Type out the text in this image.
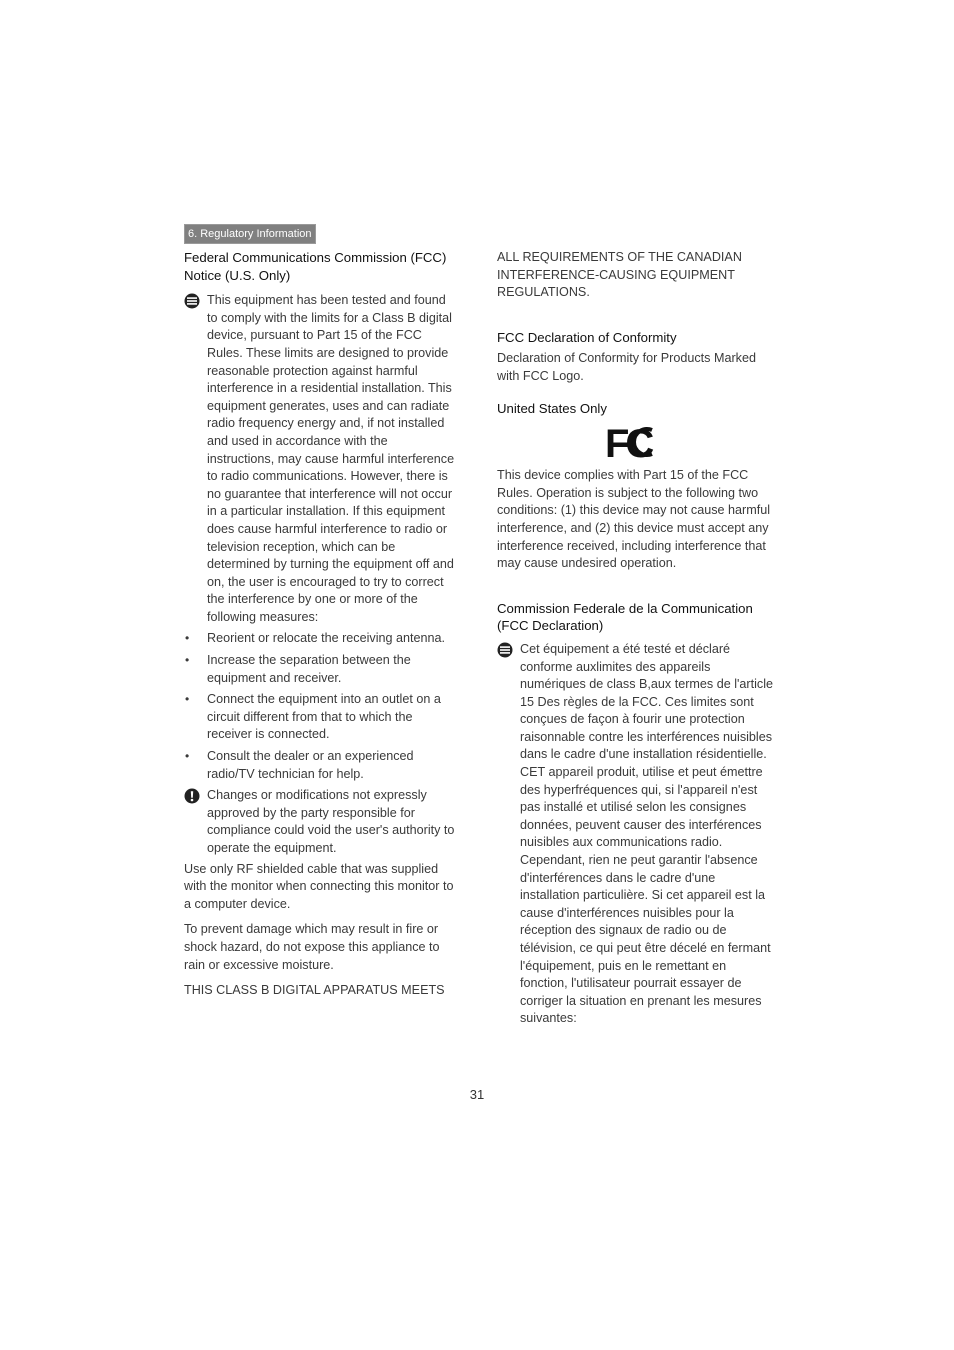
6. Regulatory Information
Federal Communications Commission (FCC) Notice (U.S. Only)
This equipment has been tested and found to comply with the limits for a Class B digital device, pursuant to Part 15 of the FCC Rules. These limits are designed to provide reasonable protection against harmful interference in a residential installation. This equipment generates, uses and can radiate radio frequency energy and, if not installed and used in accordance with the instructions, may cause harmful interference to radio communications. However, there is no guarantee that interference will not occur in a particular installation. If this equipment does cause harmful interference to radio or television reception, which can be determined by turning the equipment off and on, the user is encouraged to try to correct the interference by one or more of the following measures:
• Reorient or relocate the receiving antenna.
• Increase the separation between the equipment and receiver.
• Connect the equipment into an outlet on a circuit different from that to which the receiver is connected.
• Consult the dealer or an experienced radio/TV technician for help.
Changes or modifications not expressly approved by the party responsible for compliance could void the user's authority to operate the equipment.
Use only RF shielded cable that was supplied with the monitor when connecting this monitor to a computer device.
To prevent damage which may result in fire or shock hazard, do not expose this appliance to rain or excessive moisture.
THIS CLASS B DIGITAL APPARATUS MEETS
ALL REQUIREMENTS OF THE CANADIAN INTERFERENCE-CAUSING EQUIPMENT REGULATIONS.
FCC Declaration of Conformity
Declaration of Conformity for Products Marked with FCC Logo.
United States Only
FC
This device complies with Part 15 of the FCC Rules. Operation is subject to the following two conditions: (1) this device may not cause harmful interference, and (2) this device must accept any interference received, including interference that may cause undesired operation.
Commission Federale de la Communication (FCC Declaration)
Cet équipement a été testé et déclaré conforme auxlimites des appareils numériques de class B,aux termes de l'article 15 Des règles de la FCC. Ces limites sont conçues de façon à fourir une protection raisonnable contre les interférences nuisibles dans le cadre d'une installation résidentielle.
CET appareil produit, utilise et peut émettre des hyperfréquences qui, si l'appareil n'est pas installé et utilisé selon les consignes données, peuvent causer des interférences nuisibles aux communications radio.
Cependant, rien ne peut garantir l'absence d'interférences dans le cadre d'une installation particulière. Si cet appareil est la cause d'interférences nuisibles pour la réception des signaux de radio ou de télévision, ce qui peut être décelé en fermant l'équipement, puis en le remettant en fonction, l'utilisateur pourrait essayer de corriger la situation en prenant les mesures suivantes:
31
